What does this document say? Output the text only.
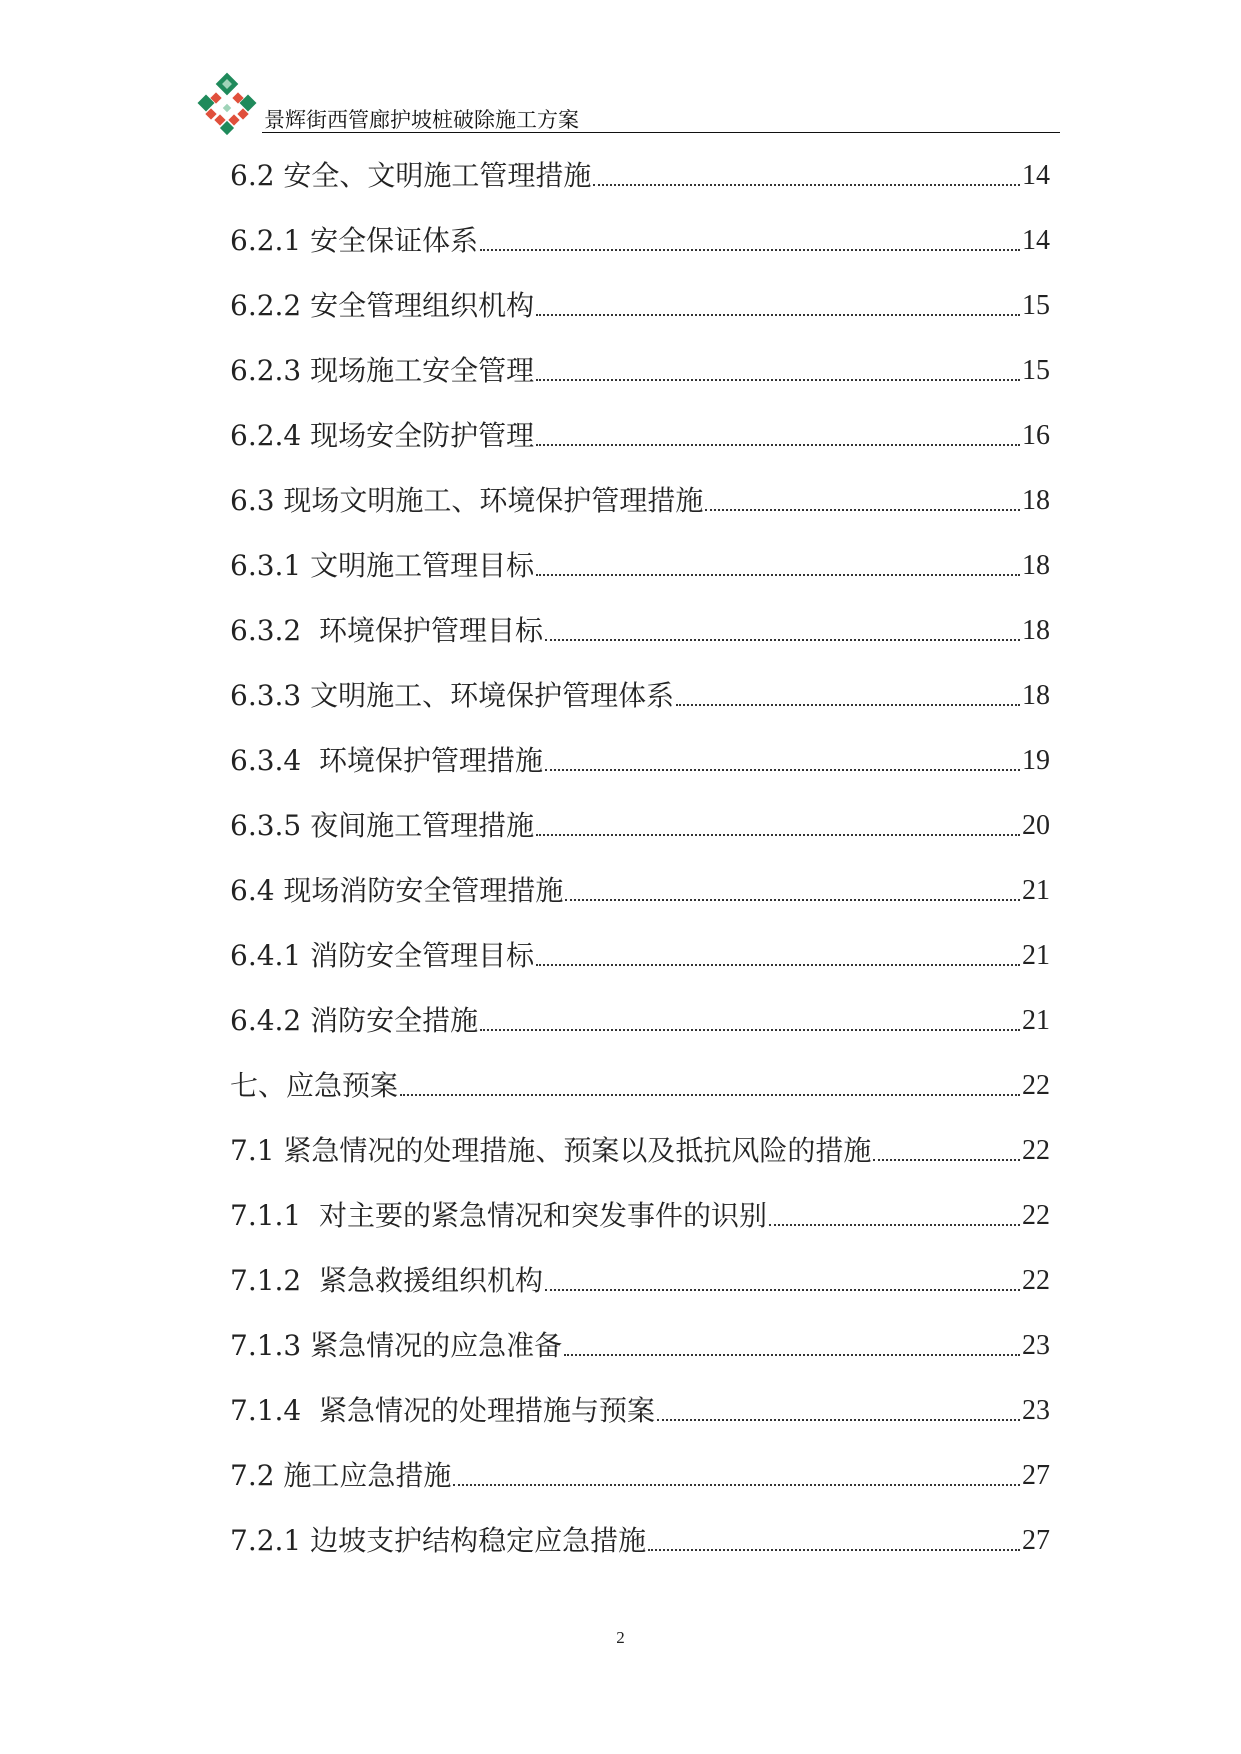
景辉街西管廊护坡桩破除施工方案
6.2 安全、文明施工管理措施	14
6.2.1 安全保证体系	14
6.2.2 安全管理组织机构	15
6.2.3 现场施工安全管理	15
6.2.4 现场安全防护管理	16
6.3 现场文明施工、环境保护管理措施	18
6.3.1 文明施工管理目标	18
6.3.2  环境保护管理目标	18
6.3.3 文明施工、环境保护管理体系	18
6.3.4  环境保护管理措施	19
6.3.5 夜间施工管理措施	20
6.4 现场消防安全管理措施	21
6.4.1 消防安全管理目标	21
6.4.2 消防安全措施	21
七、应急预案	22
7.1 紧急情况的处理措施、预案以及抵抗风险的措施	22
7.1.1  对主要的紧急情况和突发事件的识别	22
7.1.2  紧急救援组织机构	22
7.1.3 紧急情况的应急准备	23
7.1.4  紧急情况的处理措施与预案	23
7.2 施工应急措施	27
7.2.1 边坡支护结构稳定应急措施	27
2
